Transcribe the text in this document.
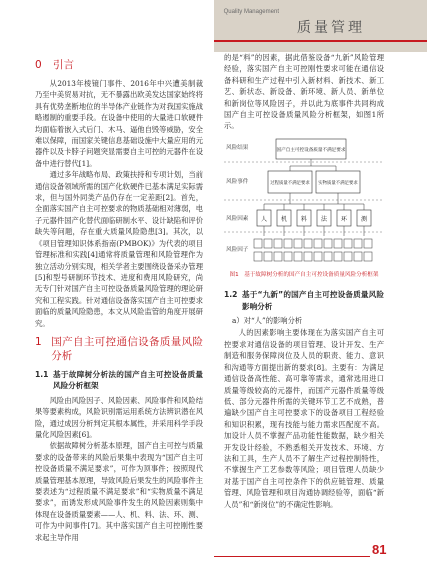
Quality Management
质量管理
0 引言

从2013年棱镜门事件、2016年中兴遭美制裁乃至中美贸易对抗，无不暴露出欧美发达国家始终将具有优势垄断地位的半导体产业链作为对我国实施战略遏制的重要手段。在设备中使用的大量进口软硬件均面临着嵌入式后门、木马、逼他自毁等威胁，安全难以保障，而国家关键信息基础设施中大量应用的元器件以及卡脖子问题突显需要自主可控的元器件在设备中进行替代[1]。

通过多年战略布局、政策扶持和专项计划，当前通信设备领域所需的国产化软硬件已基本满足实际需求，但与国外同类产品仍存在一定差距[2]。首先，全面落实国产自主可控要求的物质基础相对薄弱，电子元器件国产化替代面临研制水平、设计缺陷和评价缺失等问题，存在重大质量风险隐患[3]。其次，以《项目管理知识体系指南(PMBOK)》为代表的项目管理标准和实践[4]通常将质量管理和风险管理作为独立活动分别实现，相关学者主要围绕设备采办管理[5]和型号研制环节技术、进度和费用风险研究，尚无专门针对国产自主可控设备质量风险管理的理论研究和工程实践。针对通信设备落实国产自主可控要求面临的质量风险隐患，本文从风险监管的角度开展研究。

1 国产自主可控通信设备质量风险分析
1.1 基于故障树分析法的国产自主可控设备质量风险分析框架

风险由风险因子、风险因素、风险事件和风险结果等要素构成，风险识别需运用系统方法辨识潜在风险，通过成因分析判定其根本属性，并采用科学手段量化风险因素[6]。

依据故障树分析基本原理，国产自主可控与质量要求的设备带来的风险后果集中表现为“国产自主可控设备质量不满足要求”，可作为顶事件；按照现代质量管理基本原理，导致风险后果发生的风险事件主要表述为“过程质量不满足要求”和“实物质量不满足要求”，而诱发形成风险事件发生的风险因素则集中体现在设备质量要素——人、机、料、法、环、测、可作为中间事件[7]。其中落实国产自主可控刚性要求起主导作用

的是“料”的因素，据此借鉴设备“九新”风险管理经验，落实国产自主可控刚性要求可能在通信设备科研和生产过程中引入新材料、新技术、新工艺、新状态、新设备、新环境、新人员、新单位和新岗位等风险因子，并以此为底事件共同构成国产自主可控设备质量风险分析框架，如图1所示。

风险结果
风险事件
风险因素
风险因子
国产自主可控设备质量不满足要求
过程质量不满足要求 实物质量不满足要求
人 机 料 法 环 测
图1　基于故障树分析的国产自主可控设备质量风险分析框架
1.2 基于“九新”的国产自主可控设备质量风险影响分析
a）对“人”的影响分析

人的因素影响主要体现在为落实国产自主可控要求对通信设备的项目管理、设计开发、生产制造和服务保障岗位及人员的职责、能力、意识和沟通等方面提出新的要求[8]。主要有：为满足通信设备高性能、高可靠等需求，通常选用进口质量等级较高的元器件，而国产元器件质量等级低、部分元器件所需的关键环节工艺不成熟，普遍缺少国产自主可控要求下的设备项目工程经验和知识积累，现有技能与能力需求匹配度不高。加设计人员不掌握产品功能性能数据，缺少相关开发设计经验，不熟悉相关开发技术、环境、方法和工具，生产人员不了解生产过程控制特性，不掌握生产工艺参数等风险；项目管理人员缺少对基于国产自主可控条件下的供应链管理、质量管理、风险管理和项目沟通协调经验等，面临“新人员”和“新岗位”的不确定性影响。

81
